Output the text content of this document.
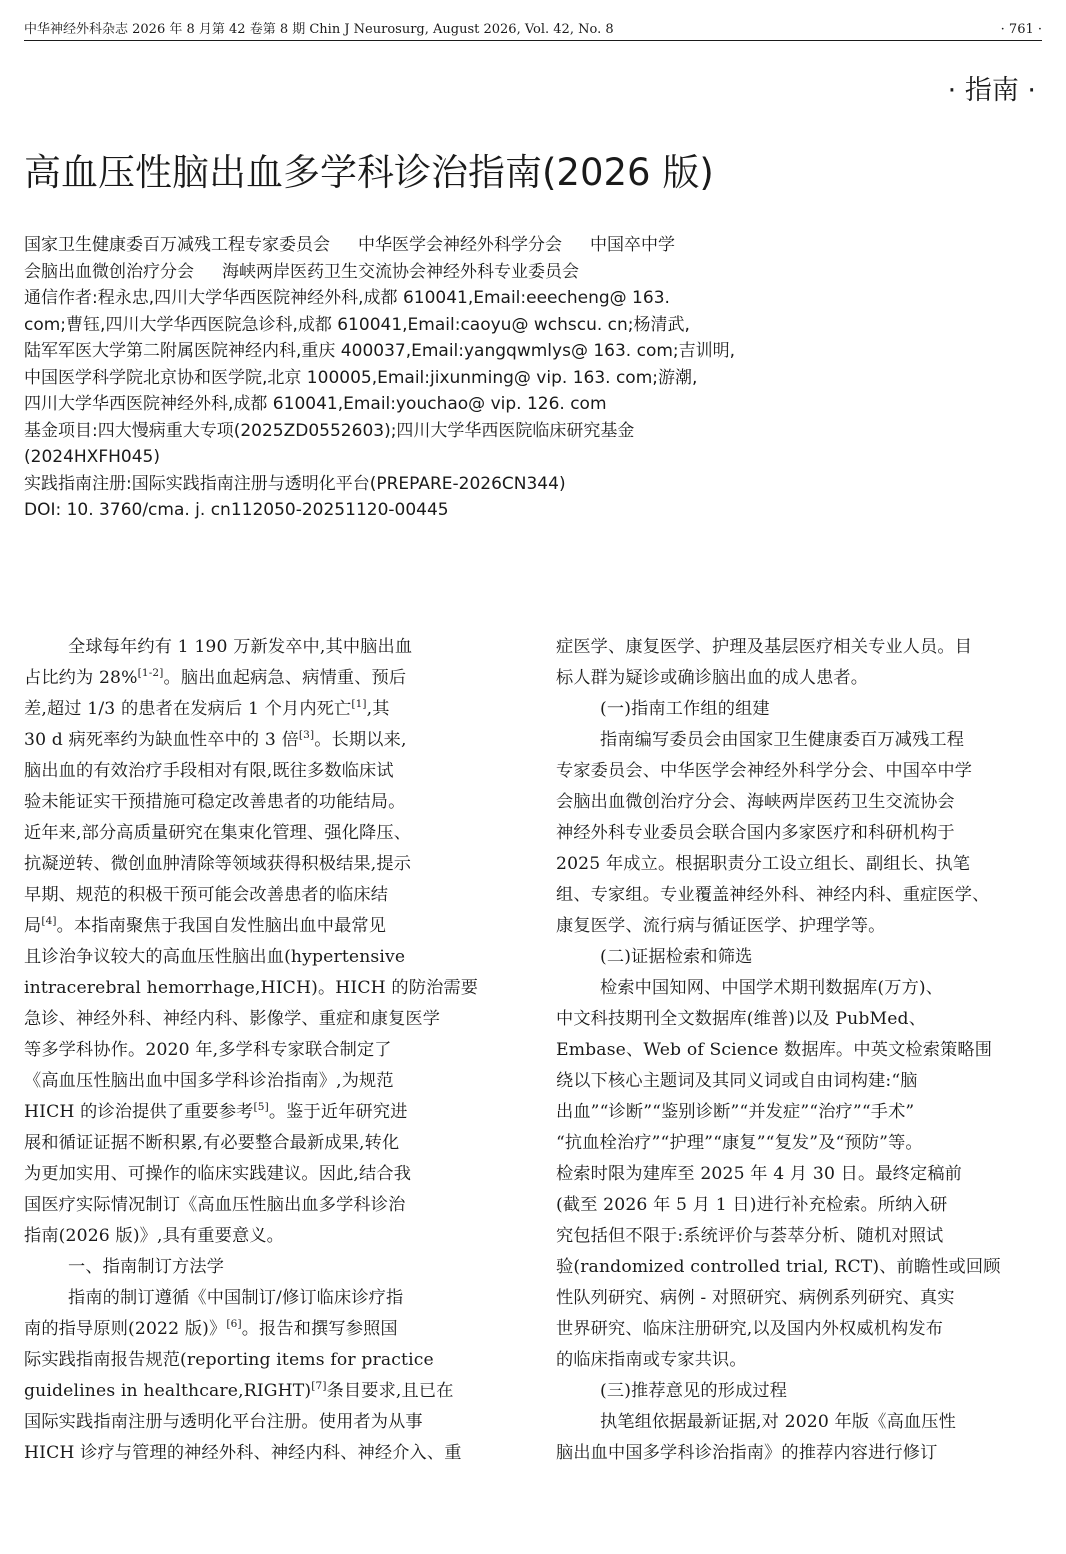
中华神经外科杂志 2026 年 8 月第 42 卷第 8 期 Chin J Neurosurg, August 2026, Vol. 42, No. 8	· 761 ·
· 指南 ·
高血压性脑出血多学科诊治指南(2026 版)
国家卫生健康委百万减残工程专家委员会 中华医学会神经外科学分会 中国卒中学
会脑出血微创治疗分会 海峡两岸医药卫生交流协会神经外科专业委员会
通信作者:程永忠,四川大学华西医院神经外科,成都 610041,Email:eeecheng@ 163.
com;曹钰,四川大学华西医院急诊科,成都 610041,Email:caoyu@ wchscu. cn;杨清武,
陆军军医大学第二附属医院神经内科,重庆 400037,Email:yangqwmlys@ 163. com;吉训明,
中国医学科学院北京协和医学院,北京 100005,Email:jixunming@ vip. 163. com;游潮,
四川大学华西医院神经外科,成都 610041,Email:youchao@ vip. 126. com
基金项目:四大慢病重大专项(2025ZD0552603);四川大学华西医院临床研究基金
(2024HXFH045)
实践指南注册:国际实践指南注册与透明化平台(PREPARE-2026CN344)
DOI: 10. 3760/cma. j. cn112050-20251120-00445
全球每年约有 1 190 万新发卒中,其中脑出血
占比约为 28%[1-2]。脑出血起病急、病情重、预后
差,超过 1/3 的患者在发病后 1 个月内死亡[1],其
30 d 病死率约为缺血性卒中的 3 倍[3]。长期以来,
脑出血的有效治疗手段相对有限,既往多数临床试
验未能证实干预措施可稳定改善患者的功能结局。
近年来,部分高质量研究在集束化管理、强化降压、
抗凝逆转、微创血肿清除等领域获得积极结果,提示
早期、规范的积极干预可能会改善患者的临床结
局[4]。本指南聚焦于我国自发性脑出血中最常见
且诊治争议较大的高血压性脑出血(hypertensive
intracerebral hemorrhage,HICH)。HICH 的防治需要
急诊、神经外科、神经内科、影像学、重症和康复医学
等多学科协作。2020 年,多学科专家联合制定了
《高血压性脑出血中国多学科诊治指南》,为规范
HICH 的诊治提供了重要参考[5]。鉴于近年研究进
展和循证证据不断积累,有必要整合最新成果,转化
为更加实用、可操作的临床实践建议。因此,结合我
国医疗实际情况制订《高血压性脑出血多学科诊治
指南(2026 版)》,具有重要意义。
一、指南制订方法学
指南的制订遵循《中国制订/修订临床诊疗指
南的指导原则(2022 版)》[6]。报告和撰写参照国
际实践指南报告规范(reporting items for practice
guidelines in healthcare,RIGHT)[7]条目要求,且已在
国际实践指南注册与透明化平台注册。使用者为从事
HICH 诊疗与管理的神经外科、神经内科、神经介入、重
症医学、康复医学、护理及基层医疗相关专业人员。目
标人群为疑诊或确诊脑出血的成人患者。
(一)指南工作组的组建
指南编写委员会由国家卫生健康委百万减残工程
专家委员会、中华医学会神经外科学分会、中国卒中学
会脑出血微创治疗分会、海峡两岸医药卫生交流协会
神经外科专业委员会联合国内多家医疗和科研机构于
2025 年成立。根据职责分工设立组长、副组长、执笔
组、专家组。专业覆盖神经外科、神经内科、重症医学、
康复医学、流行病与循证医学、护理学等。
(二)证据检索和筛选
检索中国知网、中国学术期刊数据库(万方)、
中文科技期刊全文数据库(维普)以及 PubMed、
Embase、Web of Science 数据库。中英文检索策略围
绕以下核心主题词及其同义词或自由词构建:“脑
出血”“诊断”“鉴别诊断”“并发症”“治疗”“手术”
“抗血栓治疗”“护理”“康复”“复发”及“预防”等。
检索时限为建库至 2025 年 4 月 30 日。最终定稿前
(截至 2026 年 5 月 1 日)进行补充检索。所纳入研
究包括但不限于:系统评价与荟萃分析、随机对照试
验(randomized controlled trial, RCT)、前瞻性或回顾
性队列研究、病例 - 对照研究、病例系列研究、真实
世界研究、临床注册研究,以及国内外权威机构发布
的临床指南或专家共识。
(三)推荐意见的形成过程
执笔组依据最新证据,对 2020 年版《高血压性
脑出血中国多学科诊治指南》的推荐内容进行修订
